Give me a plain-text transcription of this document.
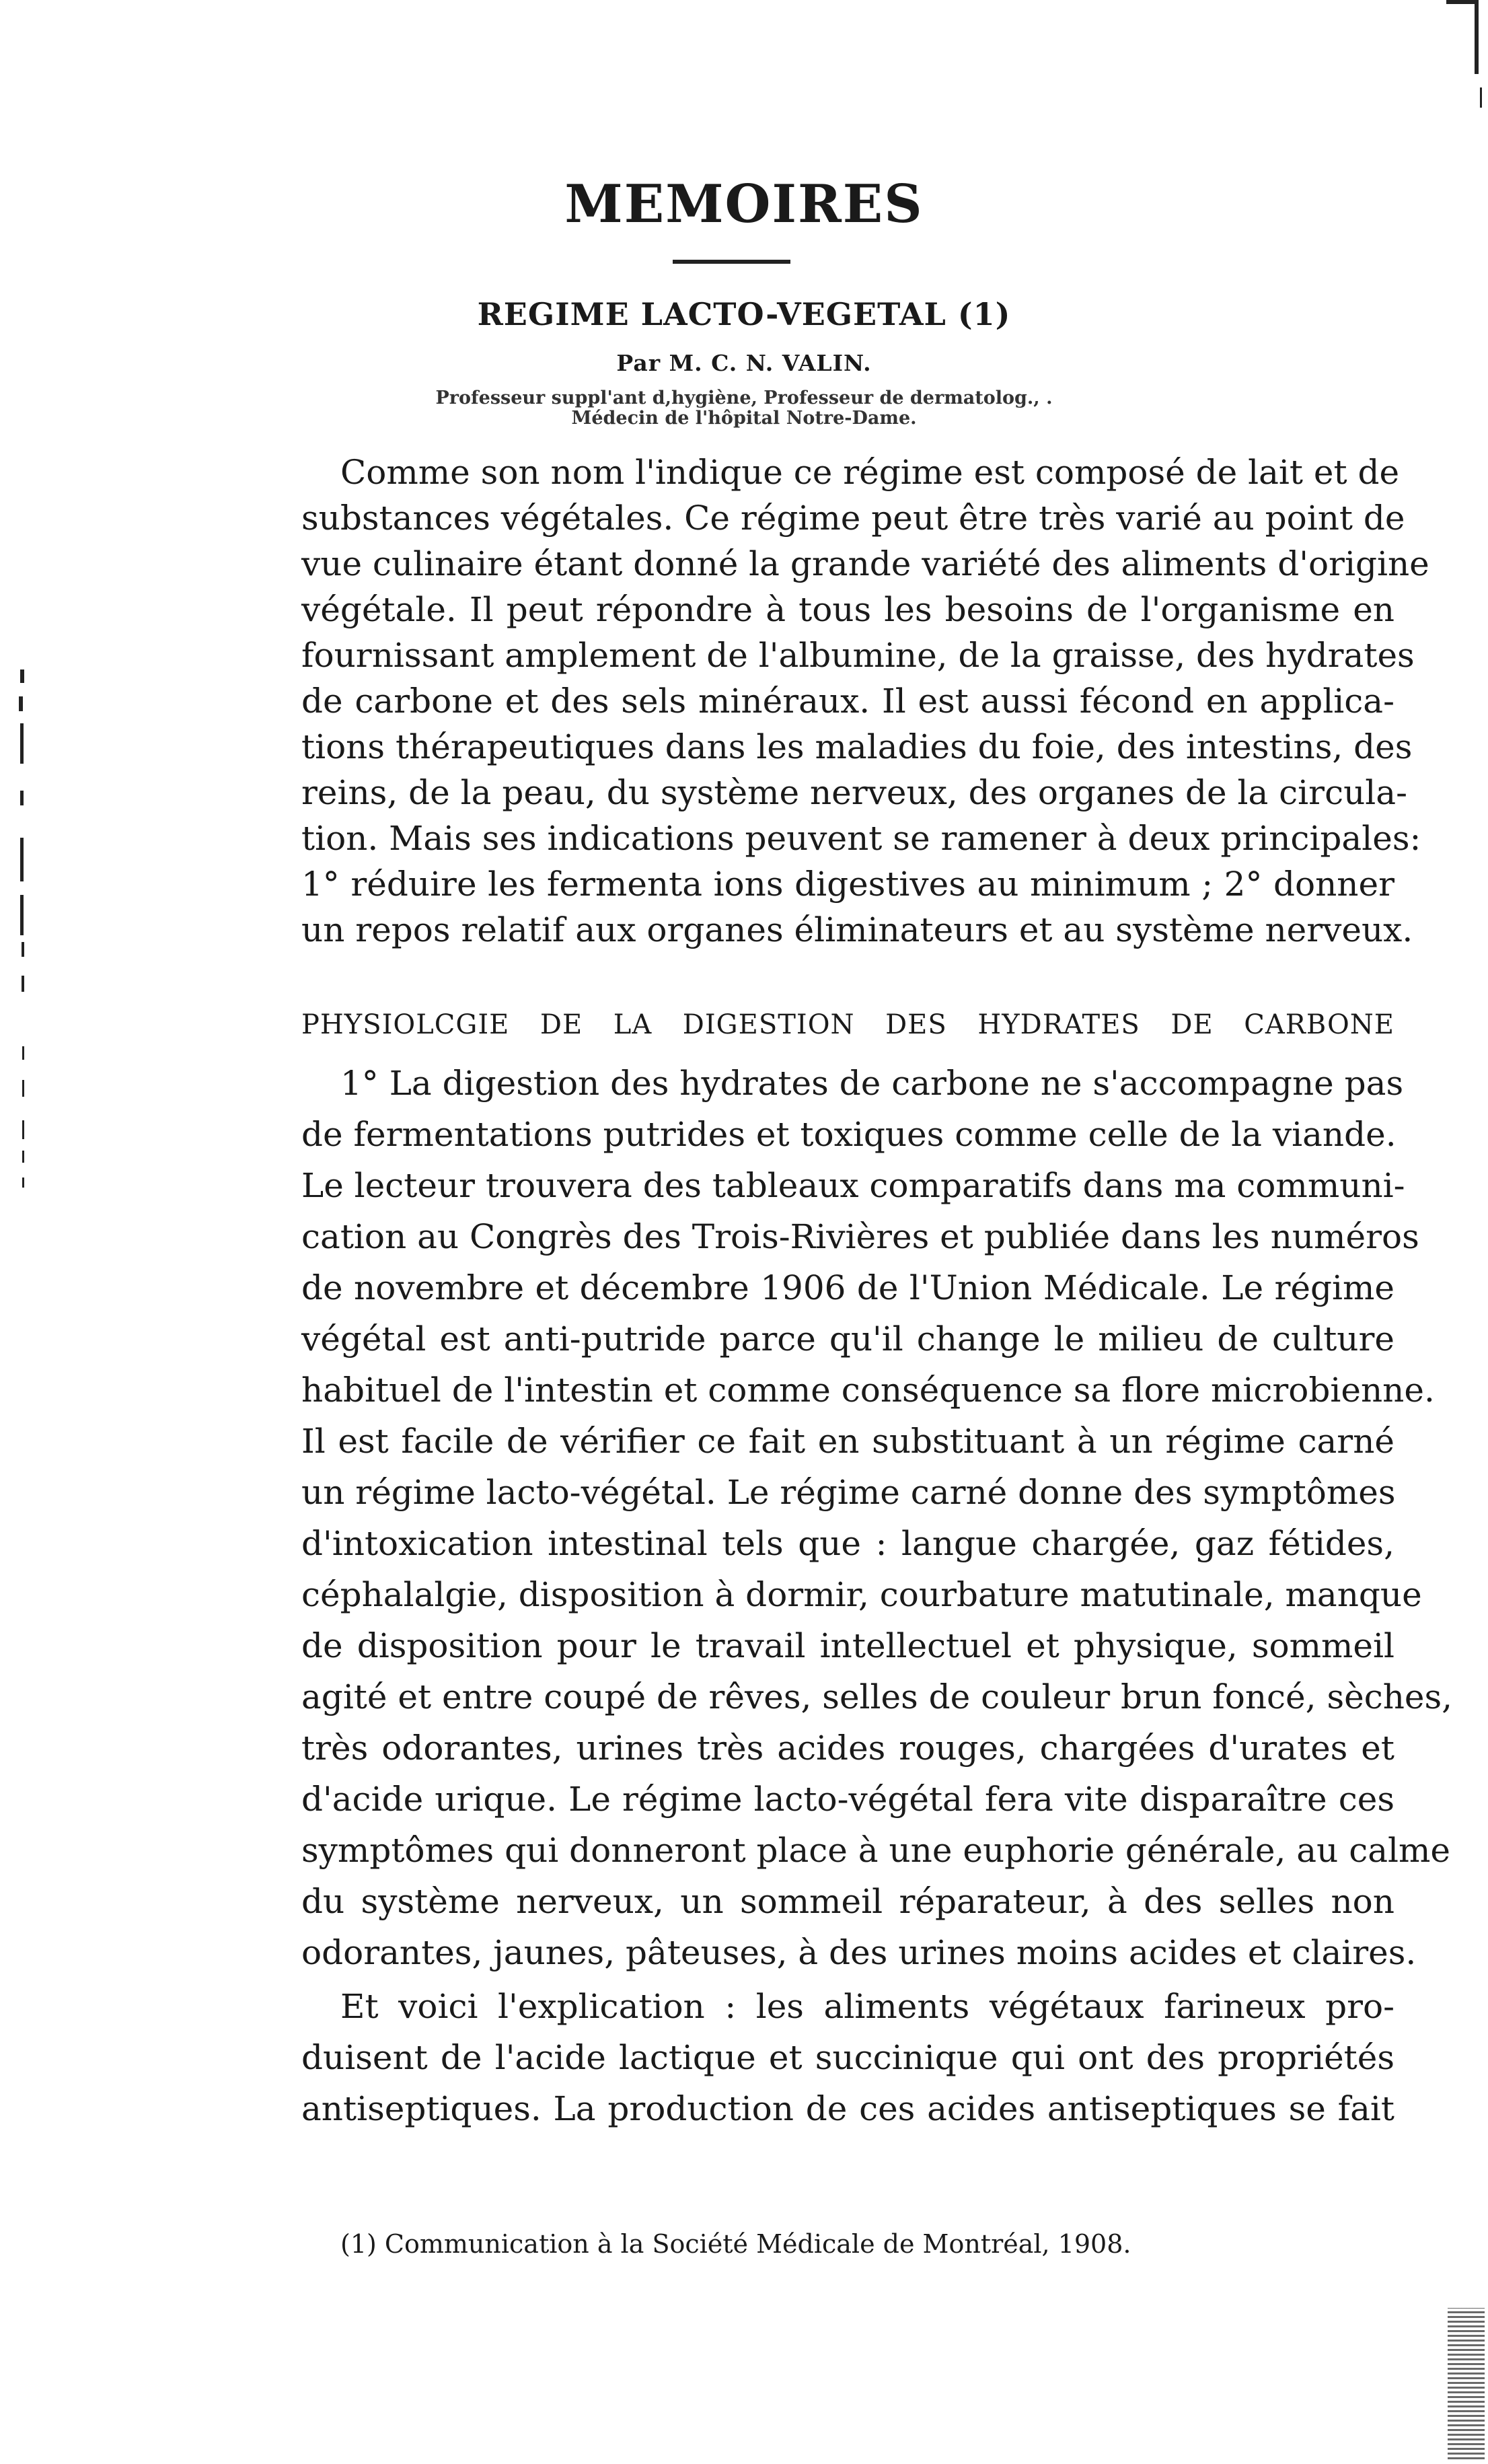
MEMOIRES
REGIME LACTO-VEGETAL (1)
Par M. C. N. VALIN.
Professeur suppl'ant d,hygiène, Professeur de dermatolog., .
Médecin de l'hôpital Notre-Dame.
Comme son nom l'indique ce régime est composé de lait et de
substances végétales. Ce régime peut être très varié au point de
vue culinaire étant donné la grande variété des aliments d'origine
végétale. Il peut répondre à tous les besoins de l'organisme en
fournissant amplement de l'albumine, de la graisse, des hydrates
de carbone et des sels minéraux. Il est aussi fécond en applica-
tions thérapeutiques dans les maladies du foie, des intestins, des
reins, de la peau, du système nerveux, des organes de la circula-
tion. Mais ses indications peuvent se ramener à deux principales:
1° réduire les fermenta ions digestives au minimum ; 2° donner
un repos relatif aux organes éliminateurs et au système nerveux.
PHYSIOLCGIE DE LA DIGESTION DES HYDRATES DE CARBONE
1° La digestion des hydrates de carbone ne s'accompagne pas
de fermentations putrides et toxiques comme celle de la viande.
Le lecteur trouvera des tableaux comparatifs dans ma communi-
cation au Congrès des Trois-Rivières et publiée dans les numéros
de novembre et décembre 1906 de l'Union Médicale. Le régime
végétal est anti-putride parce qu'il change le milieu de culture
habituel de l'intestin et comme conséquence sa flore microbienne.
Il est facile de vérifier ce fait en substituant à un régime carné
un régime lacto-végétal. Le régime carné donne des symptômes
d'intoxication intestinal tels que : langue chargée, gaz fétides,
céphalalgie, disposition à dormir, courbature matutinale, manque
de disposition pour le travail intellectuel et physique, sommeil
agité et entre coupé de rêves, selles de couleur brun foncé, sèches,
très odorantes, urines très acides rouges, chargées d'urates et
d'acide urique. Le régime lacto-végétal fera vite disparaître ces
symptômes qui donneront place à une euphorie générale, au calme
du système nerveux, un sommeil réparateur, à des selles non
odorantes, jaunes, pâteuses, à des urines moins acides et claires.
Et voici l'explication : les aliments végétaux farineux pro-
duisent de l'acide lactique et succinique qui ont des propriétés
antiseptiques. La production de ces acides antiseptiques se fait
(1) Communication à la Société Médicale de Montréal, 1908.
